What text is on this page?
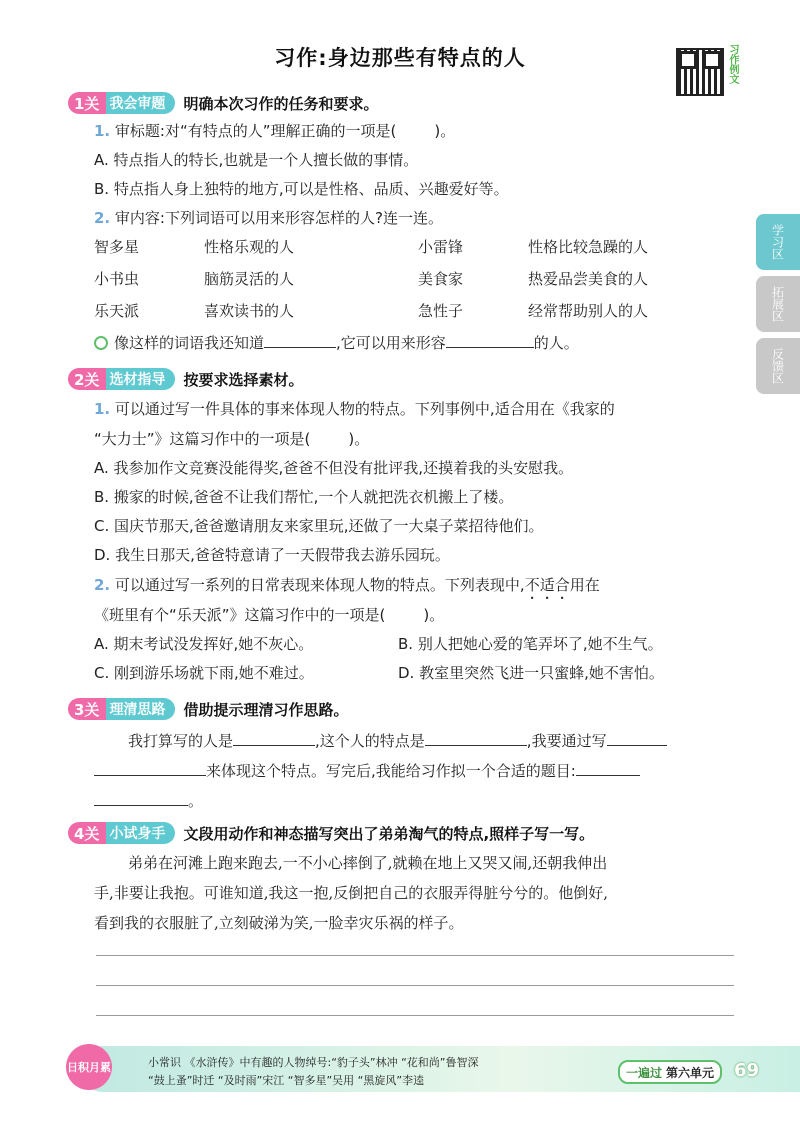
习作:身边那些有特点的人	习作例文
学习区
拓展区
反馈区
1关 我会审题 明确本次习作的任务和要求。
1. 审标题:对“有特点的人”理解正确的一项是(	)。
A. 特点指人的特长,也就是一个人擅长做的事情。
B. 特点指人身上独特的地方,可以是性格、品质、兴趣爱好等。
2. 审内容:下列词语可以用来形容怎样的人?连一连。
智多星	性格乐观的人	小雷锋	性格比较急躁的人
小书虫	脑筋灵活的人	美食家	热爱品尝美食的人
乐天派	喜欢读书的人	急性子	经常帮助别人的人
像这样的词语我还知道	,它可以用来形容	的人。
2关 选材指导 按要求选择素材。
1. 可以通过写一件具体的事来体现人物的特点。下列事例中,适合用在《我家的
“大力士”》这篇习作中的一项是(	)。
A. 我参加作文竞赛没能得奖,爸爸不但没有批评我,还摸着我的头安慰我。
B. 搬家的时候,爸爸不让我们帮忙,一个人就把洗衣机搬上了楼。
C. 国庆节那天,爸爸邀请朋友来家里玩,还做了一大桌子菜招待他们。
D. 我生日那天,爸爸特意请了一天假带我去游乐园玩。
2. 可以通过写一系列的日常表现来体现人物的特点。下列表现中,不适合用在
《班里有个“乐天派”》这篇习作中的一项是(	)。
A. 期末考试没发挥好,她不灰心。	B. 别人把她心爱的笔弄坏了,她不生气。
C. 刚到游乐场就下雨,她不难过。	D. 教室里突然飞进一只蜜蜂,她不害怕。
3关 理清思路 借助提示理清习作思路。
我打算写的人是	,这个人的特点是	,我要通过写
来体现这个特点。写完后,我能给习作拟一个合适的题目:
。
4关 小试身手 文段用动作和神态描写突出了弟弟淘气的特点,照样子写一写。
弟弟在河滩上跑来跑去,一不小心摔倒了,就赖在地上又哭又闹,还朝我伸出
手,非要让我抱。可谁知道,我这一抱,反倒把自己的衣服弄得脏兮兮的。他倒好,
看到我的衣服脏了,立刻破涕为笑,一脸幸灾乐祸的样子。
日积月累	小常识 《水浒传》中有趣的人物绰号:“豹子头”林冲 “花和尚”鲁智深
“鼓上蚤”时迁 “及时雨”宋江 “智多星”吴用 “黑旋风”李逵
一遍过 第六单元 69
